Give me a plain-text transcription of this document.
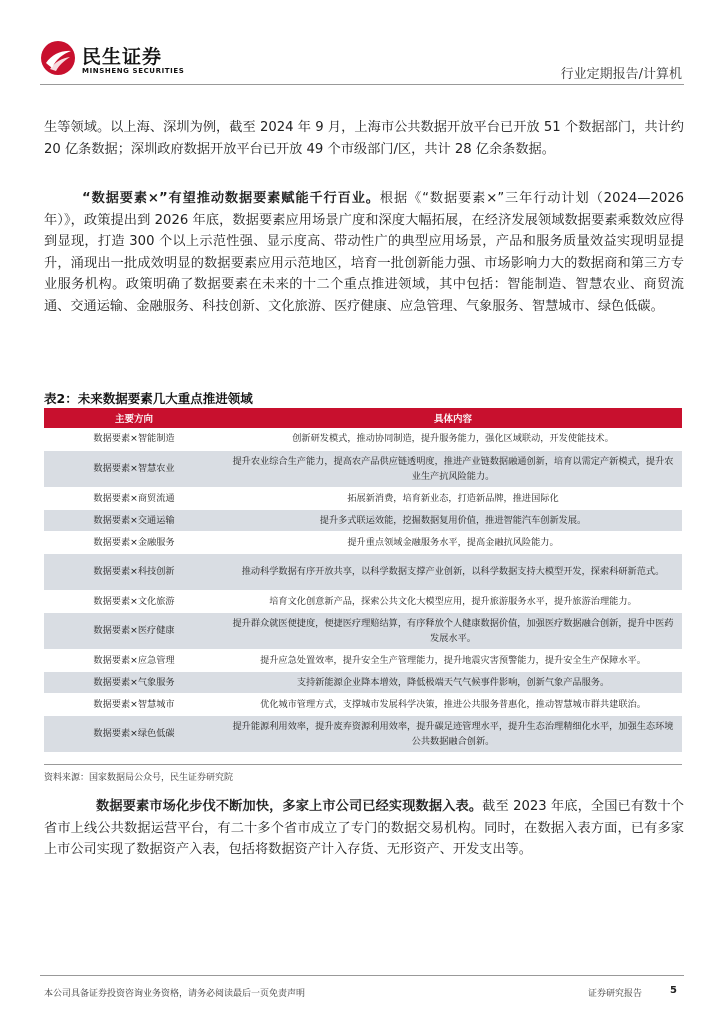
民生证券
MINSHENG SECURITIES	行业定期报告/计算机

生等领域。以上海、深圳为例，截至 2024 年 9 月，上海市公共数据开放平台已开放 51 个数据部门，共计约 20 亿条数据；深圳政府数据开放平台已开放 49 个市级部门/区，共计 28 亿余条数据。

“数据要素×”有望推动数据要素赋能千行百业。根据《“数据要素×”三年行动计划（2024—2026 年）》，政策提出到 2026 年底，数据要素应用场景广度和深度大幅拓展，在经济发展领域数据要素乘数效应得到显现，打造 300 个以上示范性强、显示度高、带动性广的典型应用场景，产品和服务质量效益实现明显提升，涌现出一批成效明显的数据要素应用示范地区，培育一批创新能力强、市场影响力大的数据商和第三方专业服务机构。政策明确了数据要素在未来的十二个重点推进领域，其中包括：智能制造、智慧农业、商贸流通、交通运输、金融服务、科技创新、文化旅游、医疗健康、应急管理、气象服务、智慧城市、绿色低碳。

表2：未来数据要素几大重点推进领域
主要方向	具体内容
数据要素×智能制造	创新研发模式，推动协同制造，提升服务能力，强化区域联动，开发使能技术。
数据要素×智慧农业	提升农业综合生产能力，提高农产品供应链透明度，推进产业链数据融通创新，培育以需定产新模式，提升农业生产抗风险能力。
数据要素×商贸流通	拓展新消费，培育新业态，打造新品牌，推进国际化
数据要素×交通运输	提升多式联运效能，挖掘数据复用价值，推进智能汽车创新发展。
数据要素×金融服务	提升重点领域金融服务水平，提高金融抗风险能力。
数据要素×科技创新	推动科学数据有序开放共享，以科学数据支撑产业创新，以科学数据支持大模型开发，探索科研新范式。
数据要素×文化旅游	培育文化创意新产品，探索公共文化大模型应用，提升旅游服务水平，提升旅游治理能力。
数据要素×医疗健康	提升群众就医便捷度，便捷医疗理赔结算，有序释放个人健康数据价值，加强医疗数据融合创新，提升中医药发展水平。
数据要素×应急管理	提升应急处置效率，提升安全生产管理能力，提升地震灾害预警能力，提升安全生产保障水平。
数据要素×气象服务	支持新能源企业降本增效，降低极端天气气候事件影响，创新气象产品服务。
数据要素×智慧城市	优化城市管理方式，支撑城市发展科学决策，推进公共服务普惠化，推动智慧城市群共建联治。
数据要素×绿色低碳	提升能源利用效率，提升废弃资源利用效率，提升碳足迹管理水平，提升生态治理精细化水平，加强生态环境公共数据融合创新。
资料来源：国家数据局公众号，民生证券研究院

数据要素市场化步伐不断加快，多家上市公司已经实现数据入表。截至 2023 年底，全国已有数十个省市上线公共数据运营平台，有二十多个省市成立了专门的数据交易机构。同时，在数据入表方面，已有多家上市公司实现了数据资产入表，包括将数据资产计入存货、无形资产、开发支出等。

本公司具备证券投资咨询业务资格，请务必阅读最后一页免责声明	证券研究报告	5
